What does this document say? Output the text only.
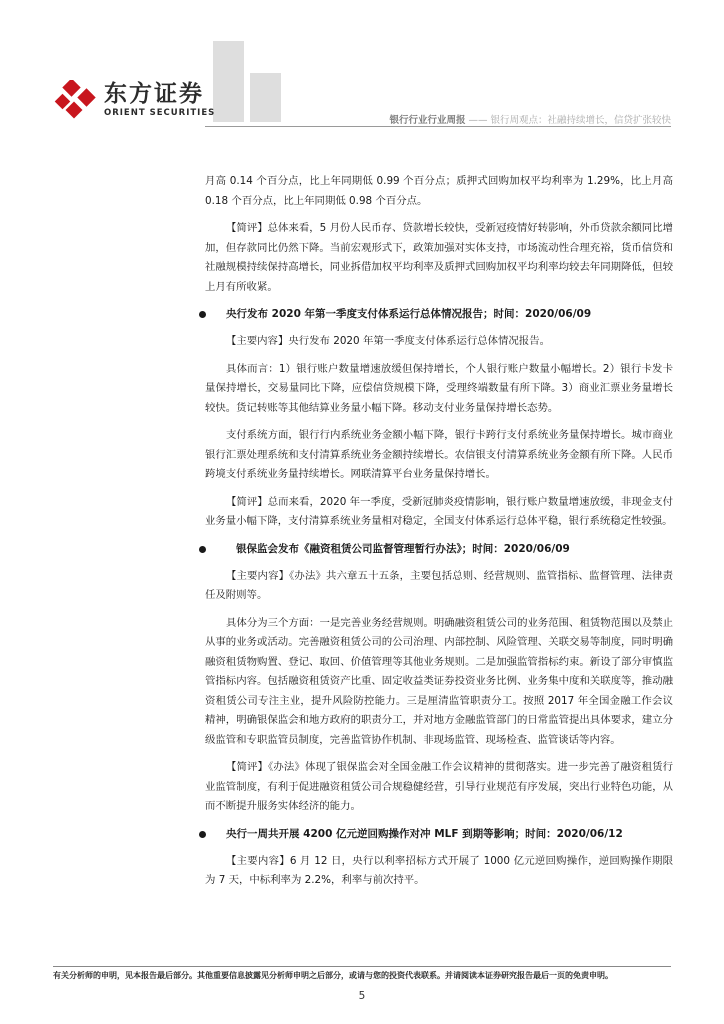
东方证券
ORIENT SECURITIES
银行行业行业周报 —— 银行周观点：社融持续增长，信贷扩张较快

月高 0.14 个百分点，比上年同期低 0.99 个百分点；质押式回购加权平均利率为 1.29%，比上月高 0.18 个百分点，比上年同期低 0.98 个百分点。

【简评】总体来看，5 月份人民币存、贷款增长较快，受新冠疫情好转影响，外币贷款余额同比增加，但存款同比仍然下降。当前宏观形式下，政策加强对实体支持，市场流动性合理充裕，货币信贷和社融规模持续保持高增长，同业拆借加权平均利率及质押式回购加权平均利率均较去年同期降低，但较上月有所收紧。

央行发布 2020 年第一季度支付体系运行总体情况报告；时间：2020/06/09

【主要内容】央行发布 2020 年第一季度支付体系运行总体情况报告。

具体而言：1）银行账户数量增速放缓但保持增长，个人银行账户数量小幅增长。2）银行卡发卡量保持增长，交易量同比下降，应偿信贷规模下降，受理终端数量有所下降。3）商业汇票业务量增长较快。货记转账等其他结算业务量小幅下降。移动支付业务量保持增长态势。

支付系统方面，银行行内系统业务金额小幅下降，银行卡跨行支付系统业务量保持增长。城市商业银行汇票处理系统和支付清算系统业务金额持续增长。农信银支付清算系统业务金额有所下降。人民币跨境支付系统业务量持续增长。网联清算平台业务量保持增长。

【简评】总而来看，2020 年一季度，受新冠肺炎疫情影响，银行账户数量增速放缓，非现金支付业务量小幅下降，支付清算系统业务量相对稳定，全国支付体系运行总体平稳，银行系统稳定性较强。

银保监会发布《融资租赁公司监督管理暂行办法》；时间：2020/06/09

【主要内容】《办法》共六章五十五条，主要包括总则、经营规则、监管指标、监督管理、法律责任及附则等。

具体分为三个方面：一是完善业务经营规则。明确融资租赁公司的业务范围、租赁物范围以及禁止从事的业务或活动。完善融资租赁公司的公司治理、内部控制、风险管理、关联交易等制度，同时明确融资租赁物购置、登记、取回、价值管理等其他业务规则。二是加强监管指标约束。新设了部分审慎监管指标内容。包括融资租赁资产比重、固定收益类证券投资业务比例、业务集中度和关联度等，推动融资租赁公司专注主业，提升风险防控能力。三是厘清监管职责分工。按照 2017 年全国金融工作会议精神，明确银保监会和地方政府的职责分工，并对地方金融监管部门的日常监管提出具体要求，建立分级监管和专职监管员制度，完善监管协作机制、非现场监管、现场检查、监管谈话等内容。

【简评】《办法》体现了银保监会对全国金融工作会议精神的贯彻落实。进一步完善了融资租赁行业监管制度，有利于促进融资租赁公司合规稳健经营，引导行业规范有序发展，突出行业特色功能，从而不断提升服务实体经济的能力。

央行一周共开展 4200 亿元逆回购操作对冲 MLF 到期等影响；时间：2020/06/12

【主要内容】6 月 12 日，央行以利率招标方式开展了 1000 亿元逆回购操作，逆回购操作期限为 7 天，中标利率为 2.2%，利率与前次持平。

有关分析师的申明，见本报告最后部分。其他重要信息披露见分析师申明之后部分，或请与您的投资代表联系。并请阅读本证券研究报告最后一页的免责申明。
5
